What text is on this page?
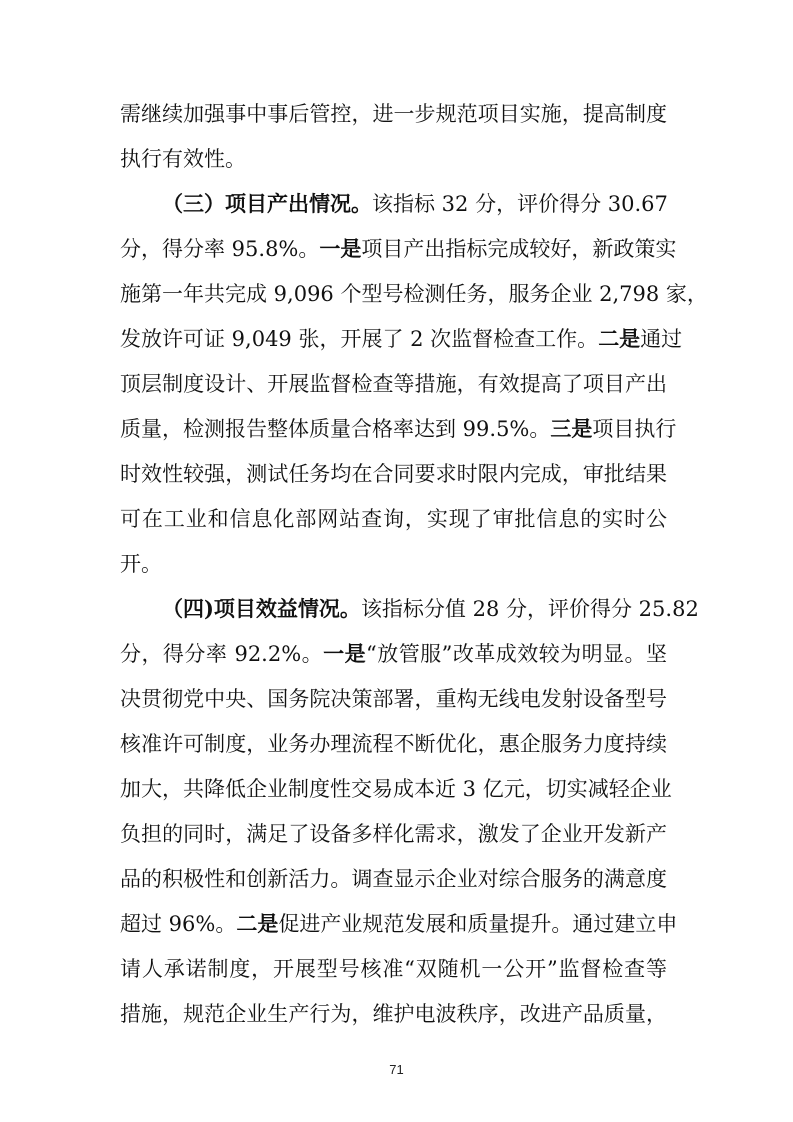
需继续加强事中事后管控，进一步规范项目实施，提高制度
执行有效性。
（三）项目产出情况。该指标 32 分，评价得分 30.67
分，得分率 95.8%。一是项目产出指标完成较好，新政策实
施第一年共完成 9,096 个型号检测任务，服务企业 2,798 家，
发放许可证 9,049 张，开展了 2 次监督检查工作。二是通过
顶层制度设计、开展监督检查等措施，有效提高了项目产出
质量，检测报告整体质量合格率达到 99.5%。三是项目执行
时效性较强，测试任务均在合同要求时限内完成，审批结果
可在工业和信息化部网站查询，实现了审批信息的实时公
开。
（四)项目效益情况。该指标分值 28 分，评价得分 25.82
分，得分率 92.2%。一是“放管服”改革成效较为明显。坚
决贯彻党中央、国务院决策部署，重构无线电发射设备型号
核准许可制度，业务办理流程不断优化，惠企服务力度持续
加大，共降低企业制度性交易成本近 3 亿元，切实减轻企业
负担的同时，满足了设备多样化需求，激发了企业开发新产
品的积极性和创新活力。调查显示企业对综合服务的满意度
超过 96%。二是促进产业规范发展和质量提升。通过建立申
请人承诺制度，开展型号核准“双随机一公开”监督检查等
措施，规范企业生产行为，维护电波秩序，改进产品质量，
71
